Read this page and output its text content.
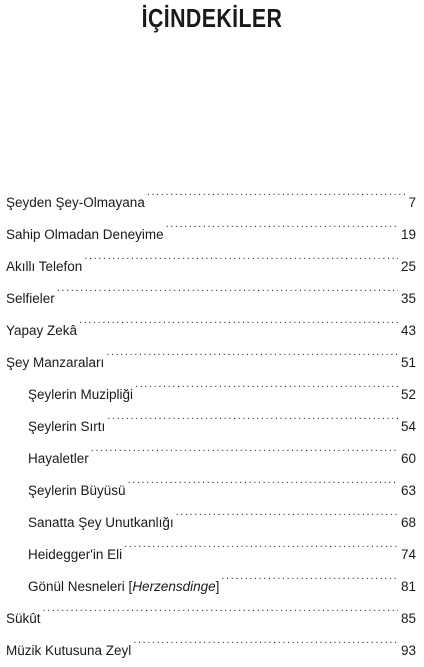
İÇİNDEKİLER
Şeyden Şey-Olmayana .....	7
Sahip Olmadan Deneyime .....	19
Akıllı Telefon .....	25
Selfieler .....	35
Yapay Zekâ .....	43
Şey Manzaraları .....	51
Şeylerin Muzipliği .....	52
Şeylerin Sırtı .....	54
Hayaletler .....	60
Şeylerin Büyüsü .....	63
Sanatta Şey Unutkanlığı .....	68
Heidegger'in Eli .....	74
Gönül Nesneleri [Herzensdinge] .....	81
Sükût .....	85
Müzik Kutusuna Zeyl .....	93
